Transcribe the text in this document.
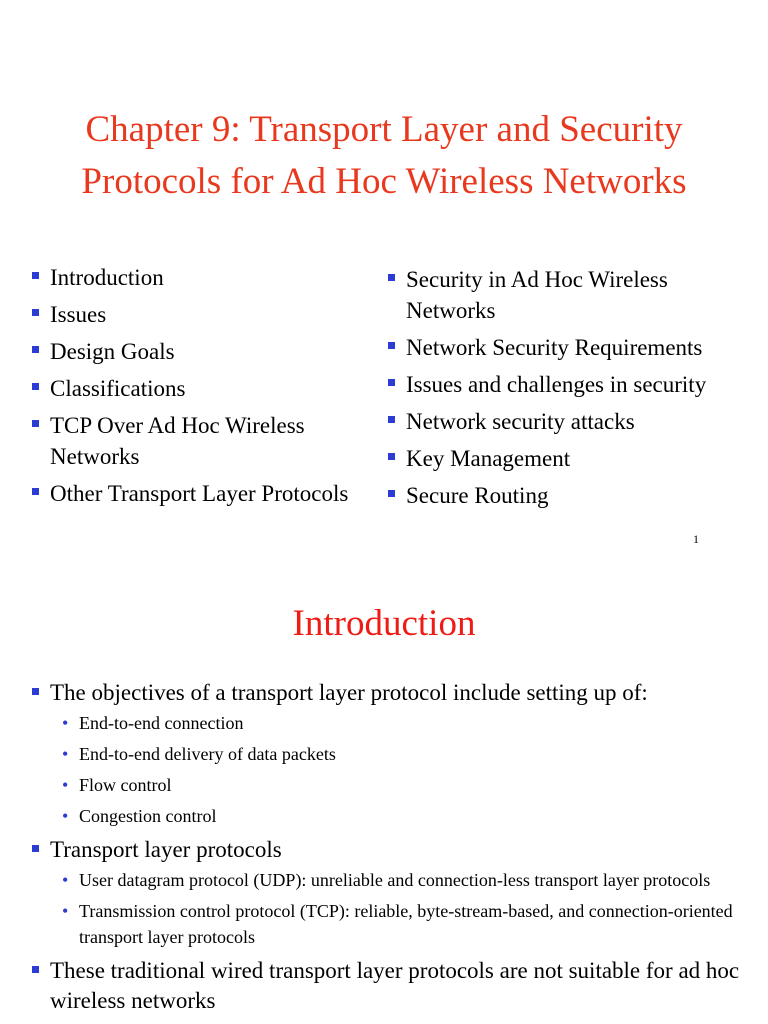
Chapter 9: Transport Layer and Security
Protocols for Ad Hoc Wireless Networks
Introduction
Issues
Design Goals
Classifications
TCP Over Ad Hoc Wireless Networks
Other Transport Layer Protocols
Security in Ad Hoc Wireless Networks
Network Security Requirements
Issues and challenges in security
Network security attacks
Key Management
Secure Routing
1
Introduction
The objectives of a transport layer protocol include setting up of:
• End-to-end connection
• End-to-end delivery of data packets
• Flow control
• Congestion control
Transport layer protocols
• User datagram protocol (UDP): unreliable and connection-less transport layer protocols
• Transmission control protocol (TCP): reliable, byte-stream-based, and connection-oriented transport layer protocols
These traditional wired transport layer protocols are not suitable for ad hoc wireless networks
